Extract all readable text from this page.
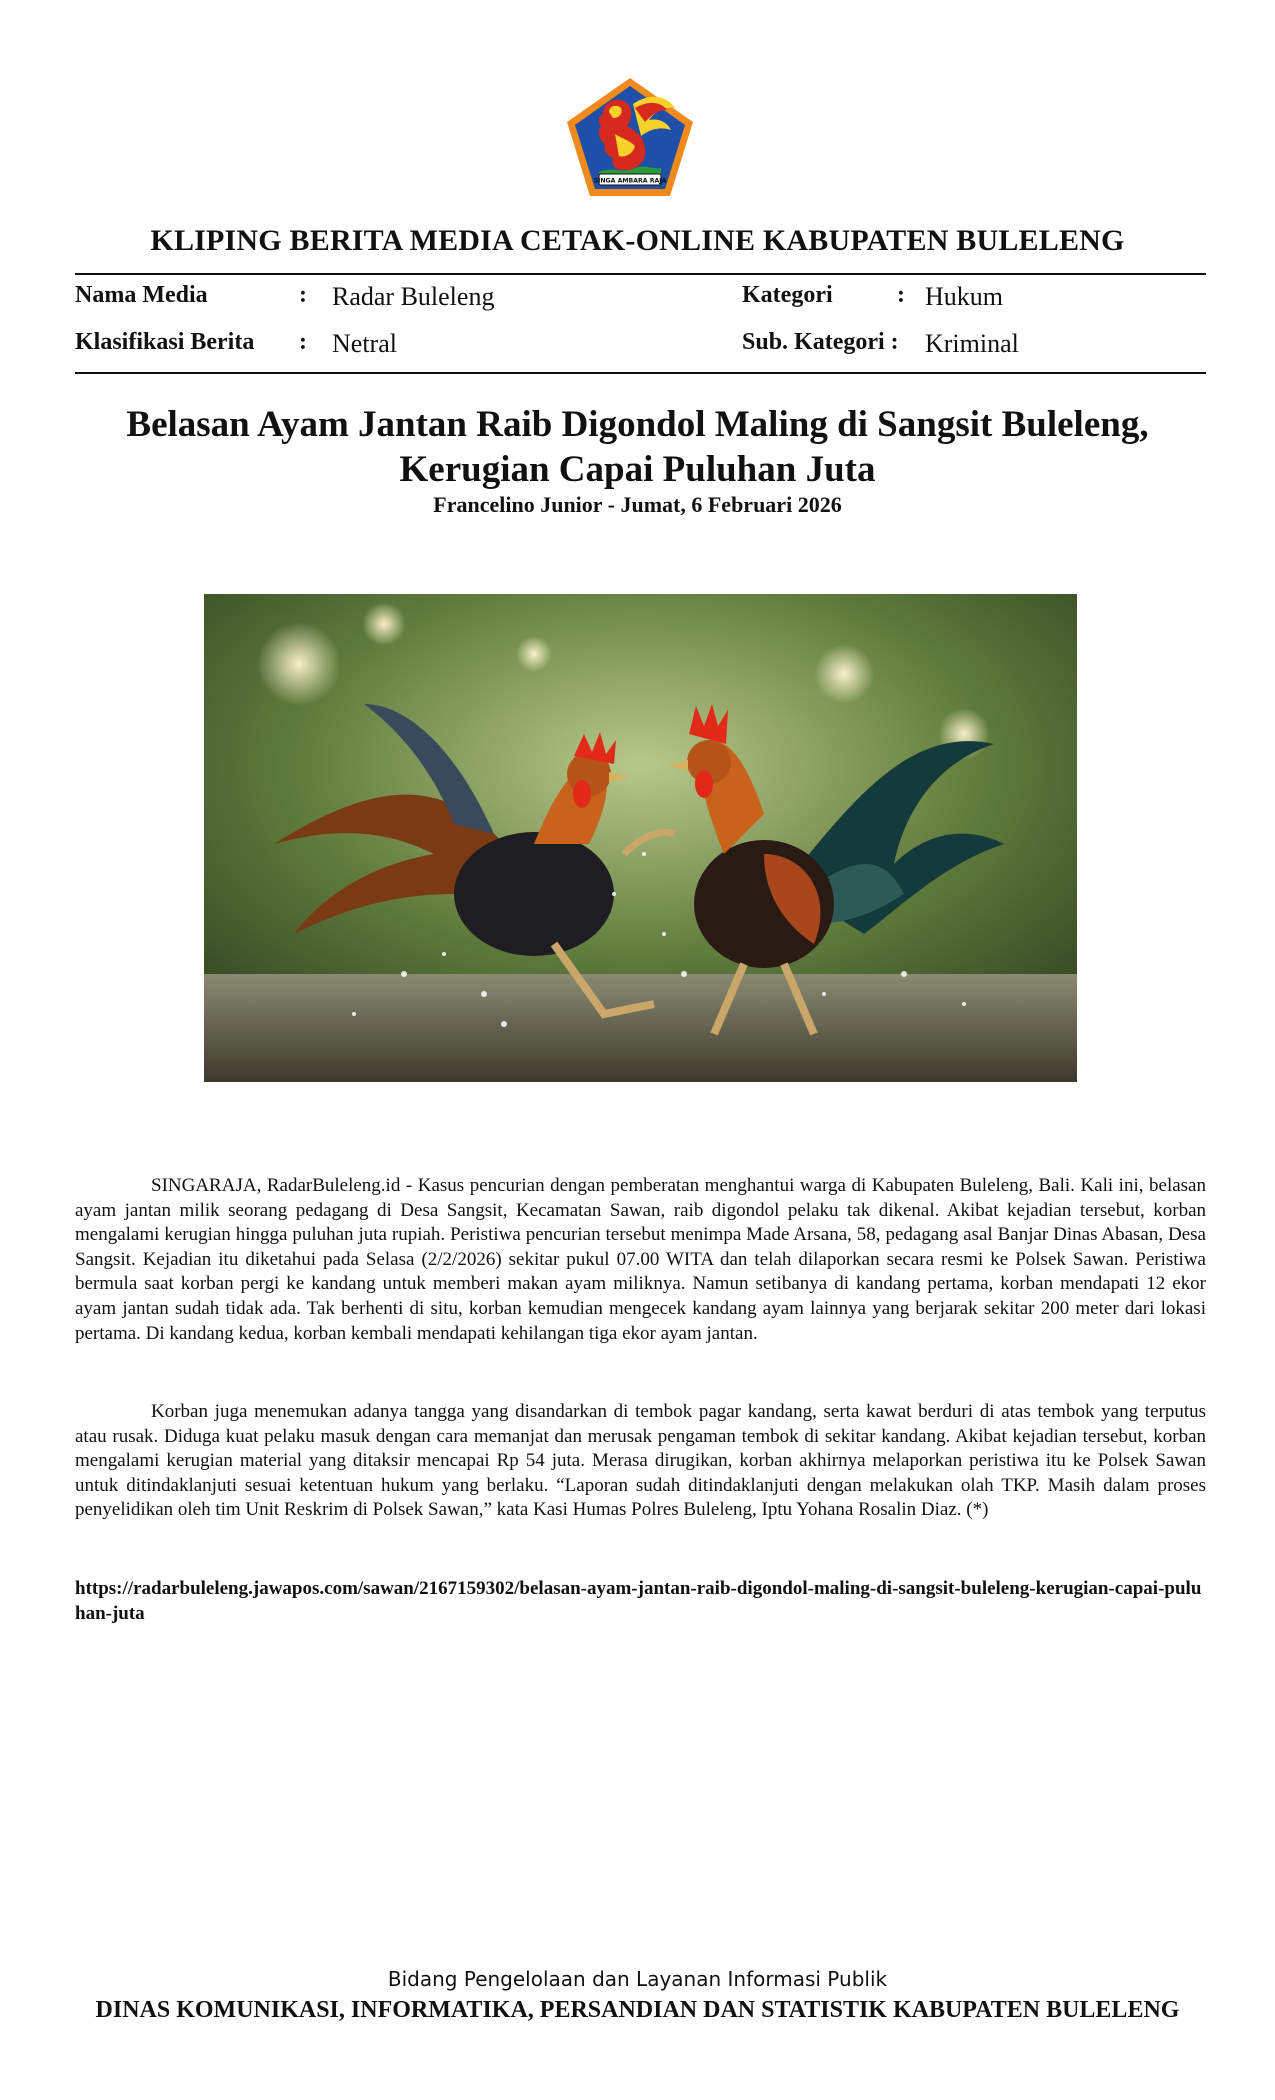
SINGA AMBARA RAJA
KLIPING BERITA MEDIA CETAK-ONLINE KABUPATEN BULELENG
Nama Media	: Radar Buleleng	Kategori	: Hukum
Klasifikasi Berita : Netral	Sub. Kategori : Kriminal
Belasan Ayam Jantan Raib Digondol Maling di Sangsit Buleleng,
Kerugian Capai Puluhan Juta
Francelino Junior - Jumat, 6 Februari 2026
SINGARAJA, RadarBuleleng.id - Kasus pencurian dengan pemberatan menghantui warga di Kabupaten Buleleng, Bali. Kali ini, belasan ayam jantan milik seorang pedagang di Desa Sangsit, Kecamatan Sawan, raib digondol pelaku tak dikenal. Akibat kejadian tersebut, korban mengalami kerugian hingga puluhan juta rupiah. Peristiwa pencurian tersebut menimpa Made Arsana, 58, pedagang asal Banjar Dinas Abasan, Desa Sangsit. Kejadian itu diketahui pada Selasa (2/2/2026) sekitar pukul 07.00 WITA dan telah dilaporkan secara resmi ke Polsek Sawan. Peristiwa bermula saat korban pergi ke kandang untuk memberi makan ayam miliknya. Namun setibanya di kandang pertama, korban mendapati 12 ekor ayam jantan sudah tidak ada. Tak berhenti di situ, korban kemudian mengecek kandang ayam lainnya yang berjarak sekitar 200 meter dari lokasi pertama. Di kandang kedua, korban kembali mendapati kehilangan tiga ekor ayam jantan.
Korban juga menemukan adanya tangga yang disandarkan di tembok pagar kandang, serta kawat berduri di atas tembok yang terputus atau rusak. Diduga kuat pelaku masuk dengan cara memanjat dan merusak pengaman tembok di sekitar kandang. Akibat kejadian tersebut, korban mengalami kerugian material yang ditaksir mencapai Rp 54 juta. Merasa dirugikan, korban akhirnya melaporkan peristiwa itu ke Polsek Sawan untuk ditindaklanjuti sesuai ketentuan hukum yang berlaku. “Laporan sudah ditindaklanjuti dengan melakukan olah TKP. Masih dalam proses penyelidikan oleh tim Unit Reskrim di Polsek Sawan,” kata Kasi Humas Polres Buleleng, Iptu Yohana Rosalin Diaz. (*)
https://radarbuleleng.jawapos.com/sawan/2167159302/belasan-ayam-jantan-raib-digondol-maling-di-sangsit-buleleng-kerugian-capai-puluhan-juta
Bidang Pengelolaan dan Layanan Informasi Publik
DINAS KOMUNIKASI, INFORMATIKA, PERSANDIAN DAN STATISTIK KABUPATEN BULELENG
